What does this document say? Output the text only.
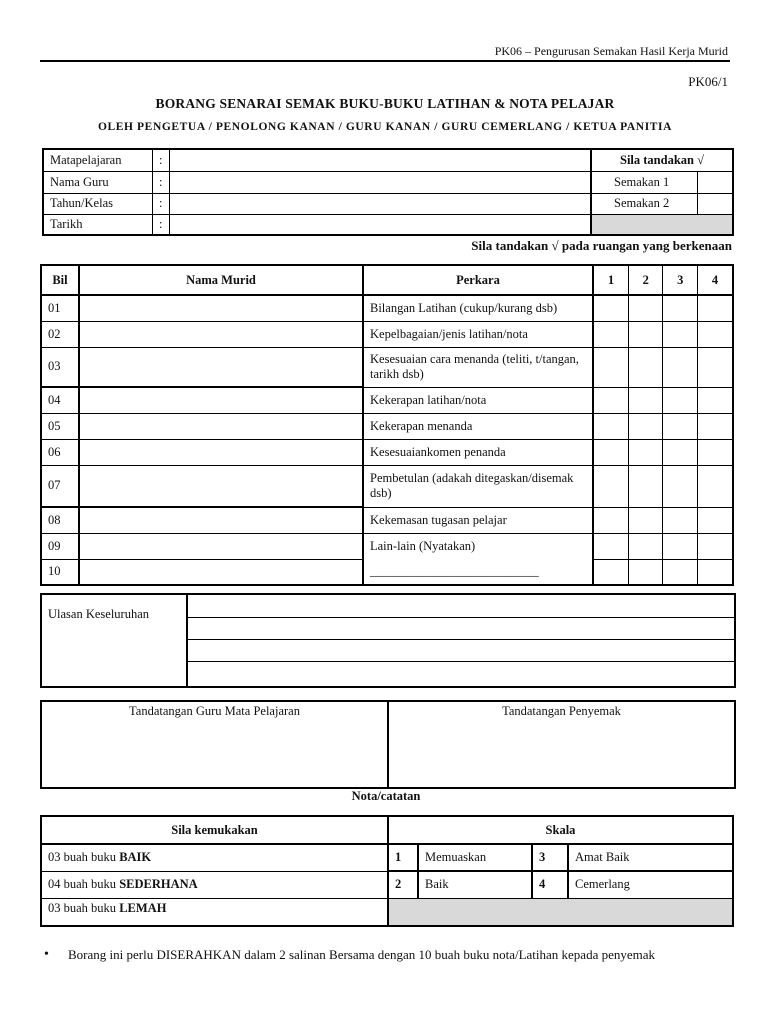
PK06 – Pengurusan Semakan Hasil Kerja Murid
PK06/1
BORANG SENARAI SEMAK BUKU-BUKU LATIHAN & NOTA PELAJAR
OLEH PENGETUA / PENOLONG KANAN / GURU KANAN / GURU CEMERLANG / KETUA PANITIA
Matapelajaran	:		Sila tandakan √	
Nama Guru	:		Semakan 1	
Tahun/Kelas	:		Semakan 2	
Tarikh	:			
Sila tandakan √ pada ruangan yang berkenaan
Bil	Nama Murid	Perkara	1	2	3	4
01		Bilangan Latihan (cukup/kurang dsb)				
02		Kepelbagaian/jenis latihan/nota				
03		Kesesuaian cara menanda (teliti, t/tangan, tarikh dsb)				
04		Kekerapan latihan/nota				
05		Kekerapan menanda				
06		Kesesuaiankomen penanda				
07		Pembetulan (adakah ditegaskan/disemak dsb)				
08		Kekemasan tugasan pelajar				
09		Lain-lain (Nyatakan)				
10		___________________________				
Ulasan Keseluruhan
Tandatangan Guru Mata Pelajaran	Tandatangan Penyemak
Nota/catatan
Sila kemukakan	Skala			
03 buah buku BAIK	1	Memuaskan	3	Amat Baik
04 buah buku SEDERHANA	2	Baik	4	Cemerlang
03 buah buku LEMAH				
• Borang ini perlu DISERAHKAN dalam 2 salinan Bersama dengan 10 buah buku nota/Latihan kepada penyemak
